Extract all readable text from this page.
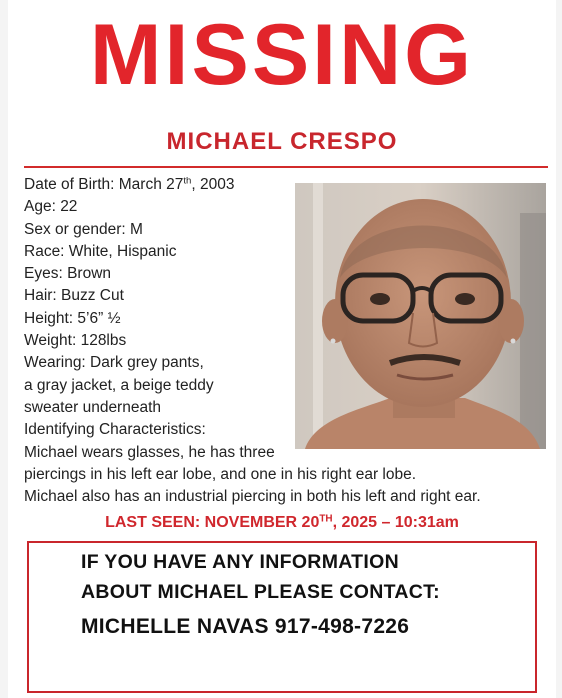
MISSING
MICHAEL CRESPO
Date of Birth: March 27th, 2003
Age: 22
Sex or gender: M
Race: White, Hispanic
Eyes: Brown
Hair: Buzz Cut
Height: 5’6” ½
Weight: 128lbs
Wearing: Dark grey pants,
a gray jacket, a beige teddy
sweater underneath
Identifying Characteristics:
Michael wears glasses, he has three
piercings in his left ear lobe, and one in his right ear lobe.
Michael also has an industrial piercing in both his left and right ear.
LAST SEEN: NOVEMBER 20TH, 2025 – 10:31am
IF YOU HAVE ANY INFORMATION
ABOUT MICHAEL PLEASE CONTACT:
MICHELLE NAVAS 917-498-7226
